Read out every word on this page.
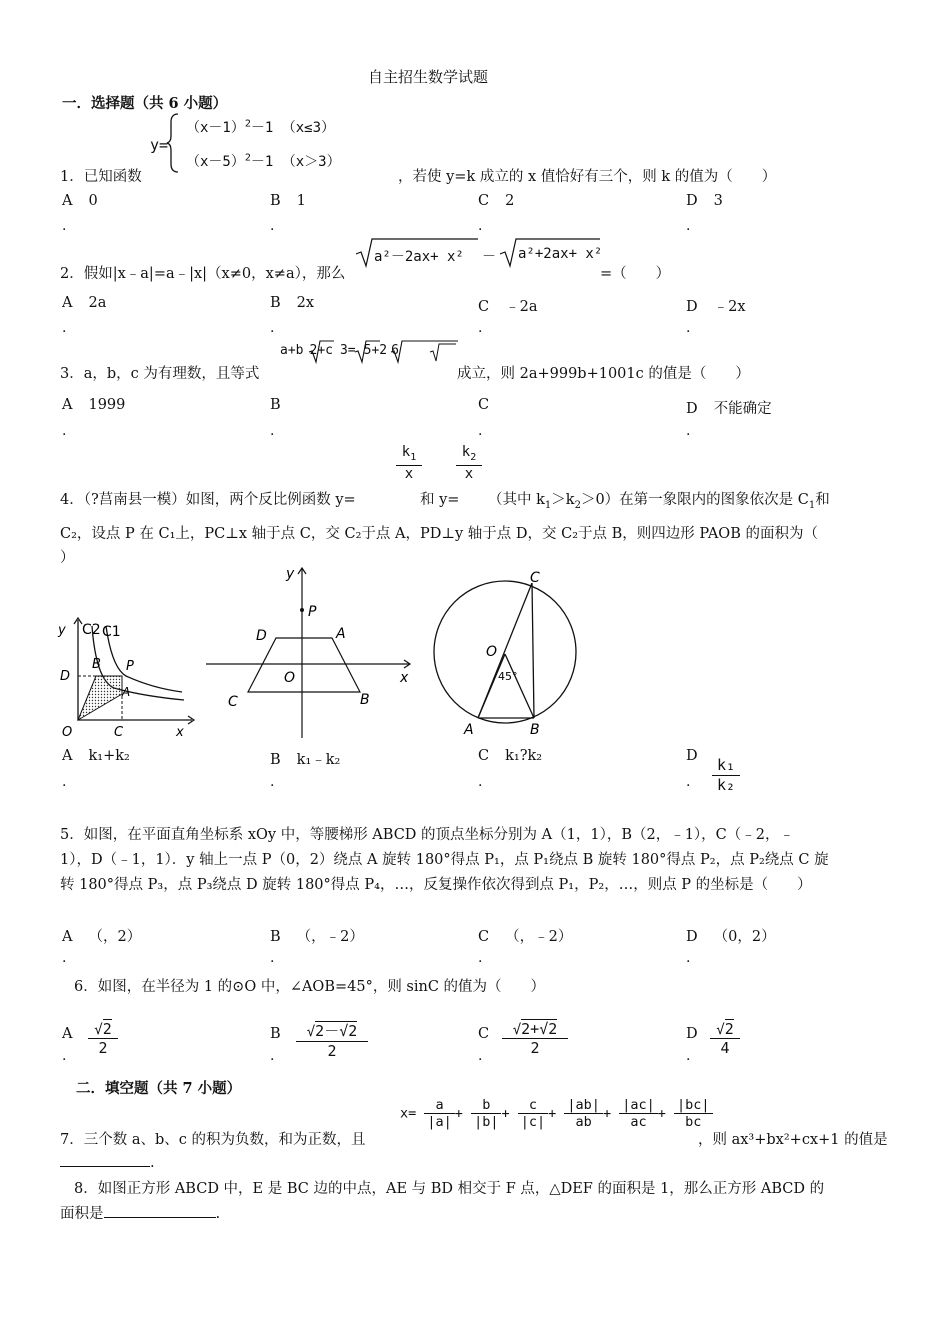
自主招生数学试题
一．选择题（共 6 小题）
y=
$(x-1)^2-1$ （x≤3）
$(x-5)^2-1$ （x＞3）
1．已知函数	，若使 y=k 成立的 x 值恰好有三个，则 k 的值为（　　）
A 0
.
B 1
.
C 2
.
D 3
.
2．假如|x﹣a|=a﹣|x|（x≠0，x≠a），那么
a²－2ax+ x² － a²+2ax+ x²
=（　　）
A 2a
.
B 2x
.
C ﹣2a
.
D ﹣2x
.
3．a，b，c 为有理数，且等式
a+b 2+c 3= 5+2 6
成立，则 2a+999b+1001c 的值是（　　）
A 1999
.
B
.
C
.
D 不能确定
.
4．（?莒南县一模）如图，两个反比例函数 y=
$k_1$
x
和 y=
$k_2$
x
（其中 $k_1>k_2>0$）在第一象限内的图象依次是 $C_1$和
C₂，设点 P 在 C₁上，PC⊥x 轴于点 C，交 C₂于点 A，PD⊥y 轴于点 D，交 C₂于点 B，则四边形 PAOB 的面积为（
）
y C2 C1
D
B P
A
O	C	x
y
P
D	A
O	x
C	B
C
O
45°
A	B
A k₁+k₂
.
B k₁﹣k₂
.
C k₁?k₂
.
D
.
k₁
k₂
5．如图，在平面直角坐标系 xOy 中，等腰梯形 ABCD 的顶点坐标分别为 A（1，1），B（2，﹣1），C（﹣2，﹣
1），D（﹣1，1）．y 轴上一点 P（0，2）绕点 A 旋转 180°得点 P₁，点 P₁绕点 B 旋转 180°得点 P₂，点 P₂绕点 C 旋
转 180°得点 P₃，点 P₃绕点 D 旋转 180°得点 P₄，…，反复操作依次得到点 P₁，P₂，…，则点 P 的坐标是（　　）
A （，2）
.
B （，﹣2）
.
C （，﹣2）
.
D （0，2）
.
6．如图，在半径为 1 的⊙O 中，∠AOB=45°，则 sinC 的值为（　　）
A
.
√2
2
B
.
√2－√2
2
C
.
√2+√2
2
D
.
√2
4
二．填空题（共 7 小题）
7．三个数 a、b、c 的积为负数，和为正数，且
$x= \frac{a}{|a|} + \frac{b}{|b|} + \frac{c}{|c|} + \frac{|ab|}{ab} + \frac{|ac|}{ac} + \frac{|bc|}{bc}$
，则 ax³+bx²+cx+1 的值是
.
8．如图正方形 ABCD 中，E 是 BC 边的中点，AE 与 BD 相交于 F 点，△DEF 的面积是 1，那么正方形 ABCD 的
面积是	.
